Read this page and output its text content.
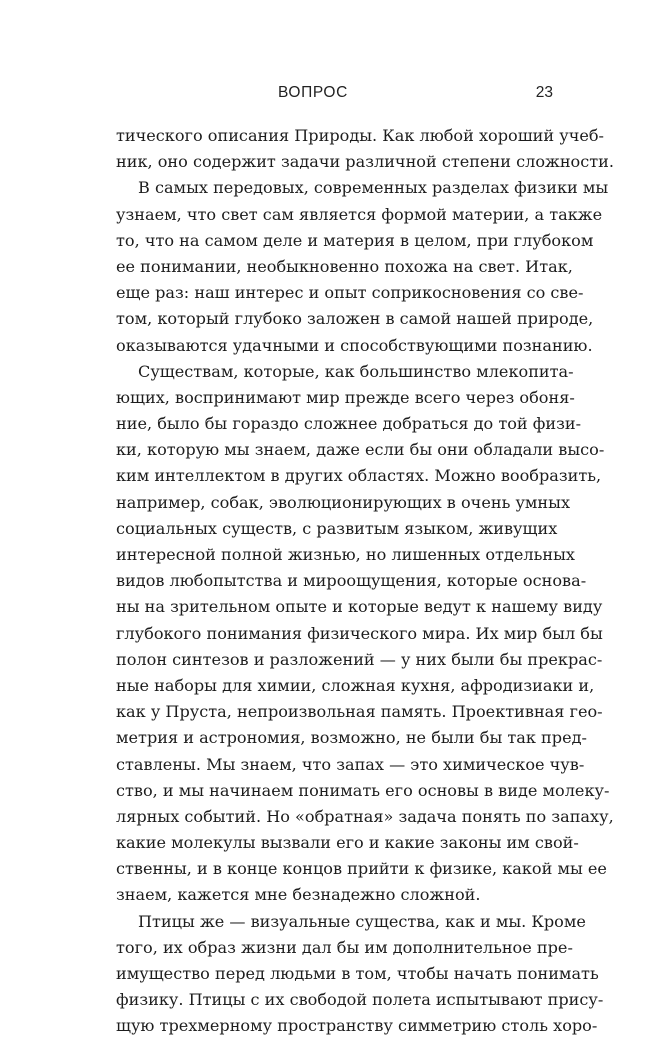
ВОПРОС	23

тического описания Природы. Как любой хороший учеб-
ник, оно содержит задачи различной степени сложности.

В самых передовых, современных разделах физики мы
узнаем, что свет сам является формой материи, а также
то, что на самом деле и материя в целом, при глубоком
ее понимании, необыкновенно похожа на свет. Итак,
еще раз: наш интерес и опыт соприкосновения со све-
том, который глубоко заложен в самой нашей природе,
оказываются удачными и способствующими познанию.

Существам, которые, как большинство млекопита-
ющих, воспринимают мир прежде всего через обоня-
ние, было бы гораздо сложнее добраться до той физи-
ки, которую мы знаем, даже если бы они обладали высо-
ким интеллектом в других областях. Можно вообразить,
например, собак, эволюционирующих в очень умных
социальных существ, с развитым языком, живущих
интересной полной жизнью, но лишенных отдельных
видов любопытства и мироощущения, которые основа-
ны на зрительном опыте и которые ведут к нашему виду
глубокого понимания физического мира. Их мир был бы
полон синтезов и разложений — у них были бы прекрас-
ные наборы для химии, сложная кухня, афродизиаки и,
как у Пруста, непроизвольная память. Проективная гео-
метрия и астрономия, возможно, не были бы так пред-
ставлены. Мы знаем, что запах — это химическое чув-
ство, и мы начинаем понимать его основы в виде молеку-
лярных событий. Но «обратная» задача понять по запаху,
какие молекулы вызвали его и какие законы им свой-
ственны, и в конце концов прийти к физике, какой мы ее
знаем, кажется мне безнадежно сложной.

Птицы же — визуальные существа, как и мы. Кроме
того, их образ жизни дал бы им дополнительное пре-
имущество перед людьми в том, чтобы начать понимать
физику. Птицы с их свободой полета испытывают прису-
щую трехмерному пространству симметрию столь хоро-
